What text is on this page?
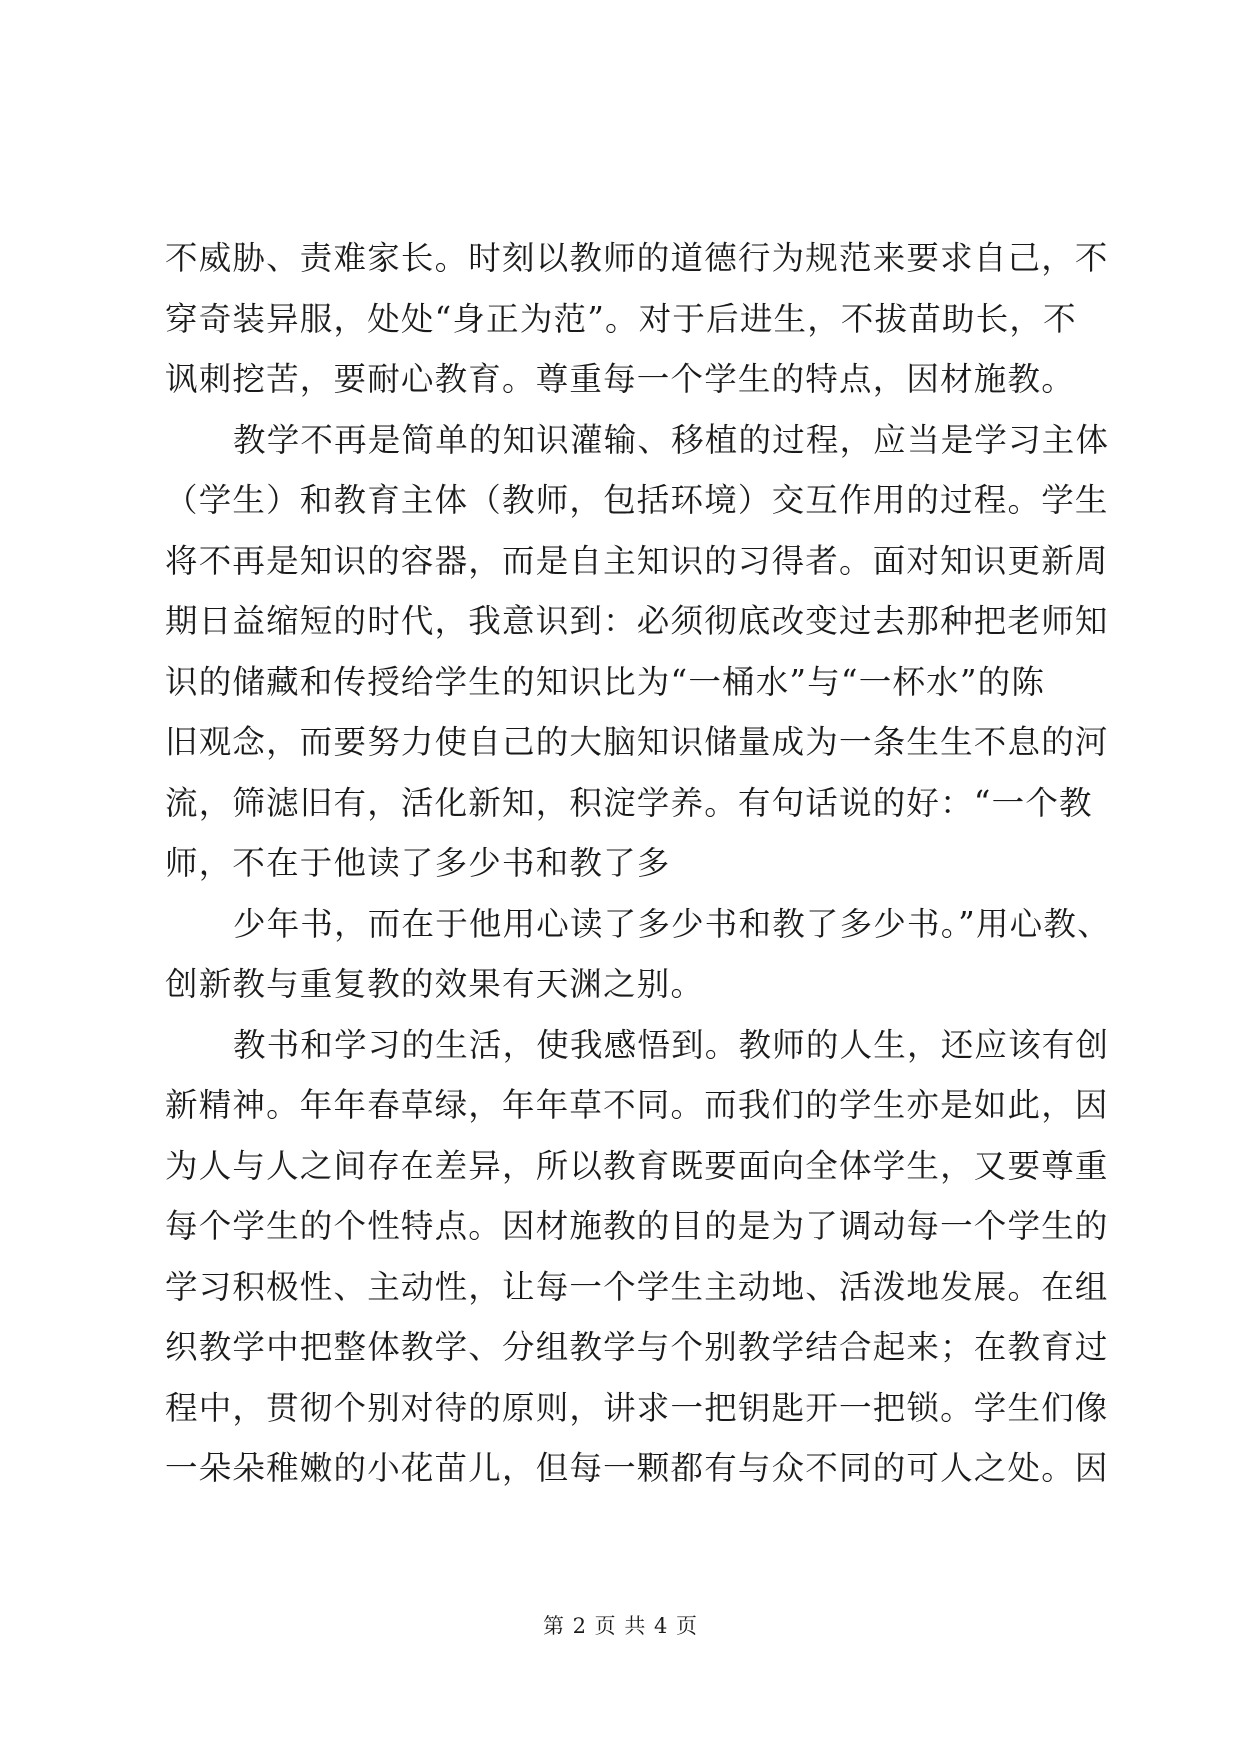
不威胁、责难家长。时刻以教师的道德行为规范来要求自己，不
穿奇装异服，处处“身正为范”。对于后进生，不拔苗助长，不
讽刺挖苦，要耐心教育。尊重每一个学生的特点，因材施教。
教学不再是简单的知识灌输、移植的过程，应当是学习主体
（学生）和教育主体（教师，包括环境）交互作用的过程。学生
将不再是知识的容器，而是自主知识的习得者。面对知识更新周
期日益缩短的时代，我意识到：必须彻底改变过去那种把老师知
识的储藏和传授给学生的知识比为“一桶水”与“一杯水”的陈
旧观念，而要努力使自己的大脑知识储量成为一条生生不息的河
流，筛滤旧有，活化新知，积淀学养。有句话说的好：“一个教
师，不在于他读了多少书和教了多
少年书，而在于他用心读了多少书和教了多少书。”用心教、
创新教与重复教的效果有天渊之别。
教书和学习的生活，使我感悟到。教师的人生，还应该有创
新精神。年年春草绿，年年草不同。而我们的学生亦是如此，因
为人与人之间存在差异，所以教育既要面向全体学生，又要尊重
每个学生的个性特点。因材施教的目的是为了调动每一个学生的
学习积极性、主动性，让每一个学生主动地、活泼地发展。在组
织教学中把整体教学、分组教学与个别教学结合起来；在教育过
程中，贯彻个别对待的原则，讲求一把钥匙开一把锁。学生们像
一朵朵稚嫩的小花苗儿，但每一颗都有与众不同的可人之处。因
第 2 页 共 4 页
